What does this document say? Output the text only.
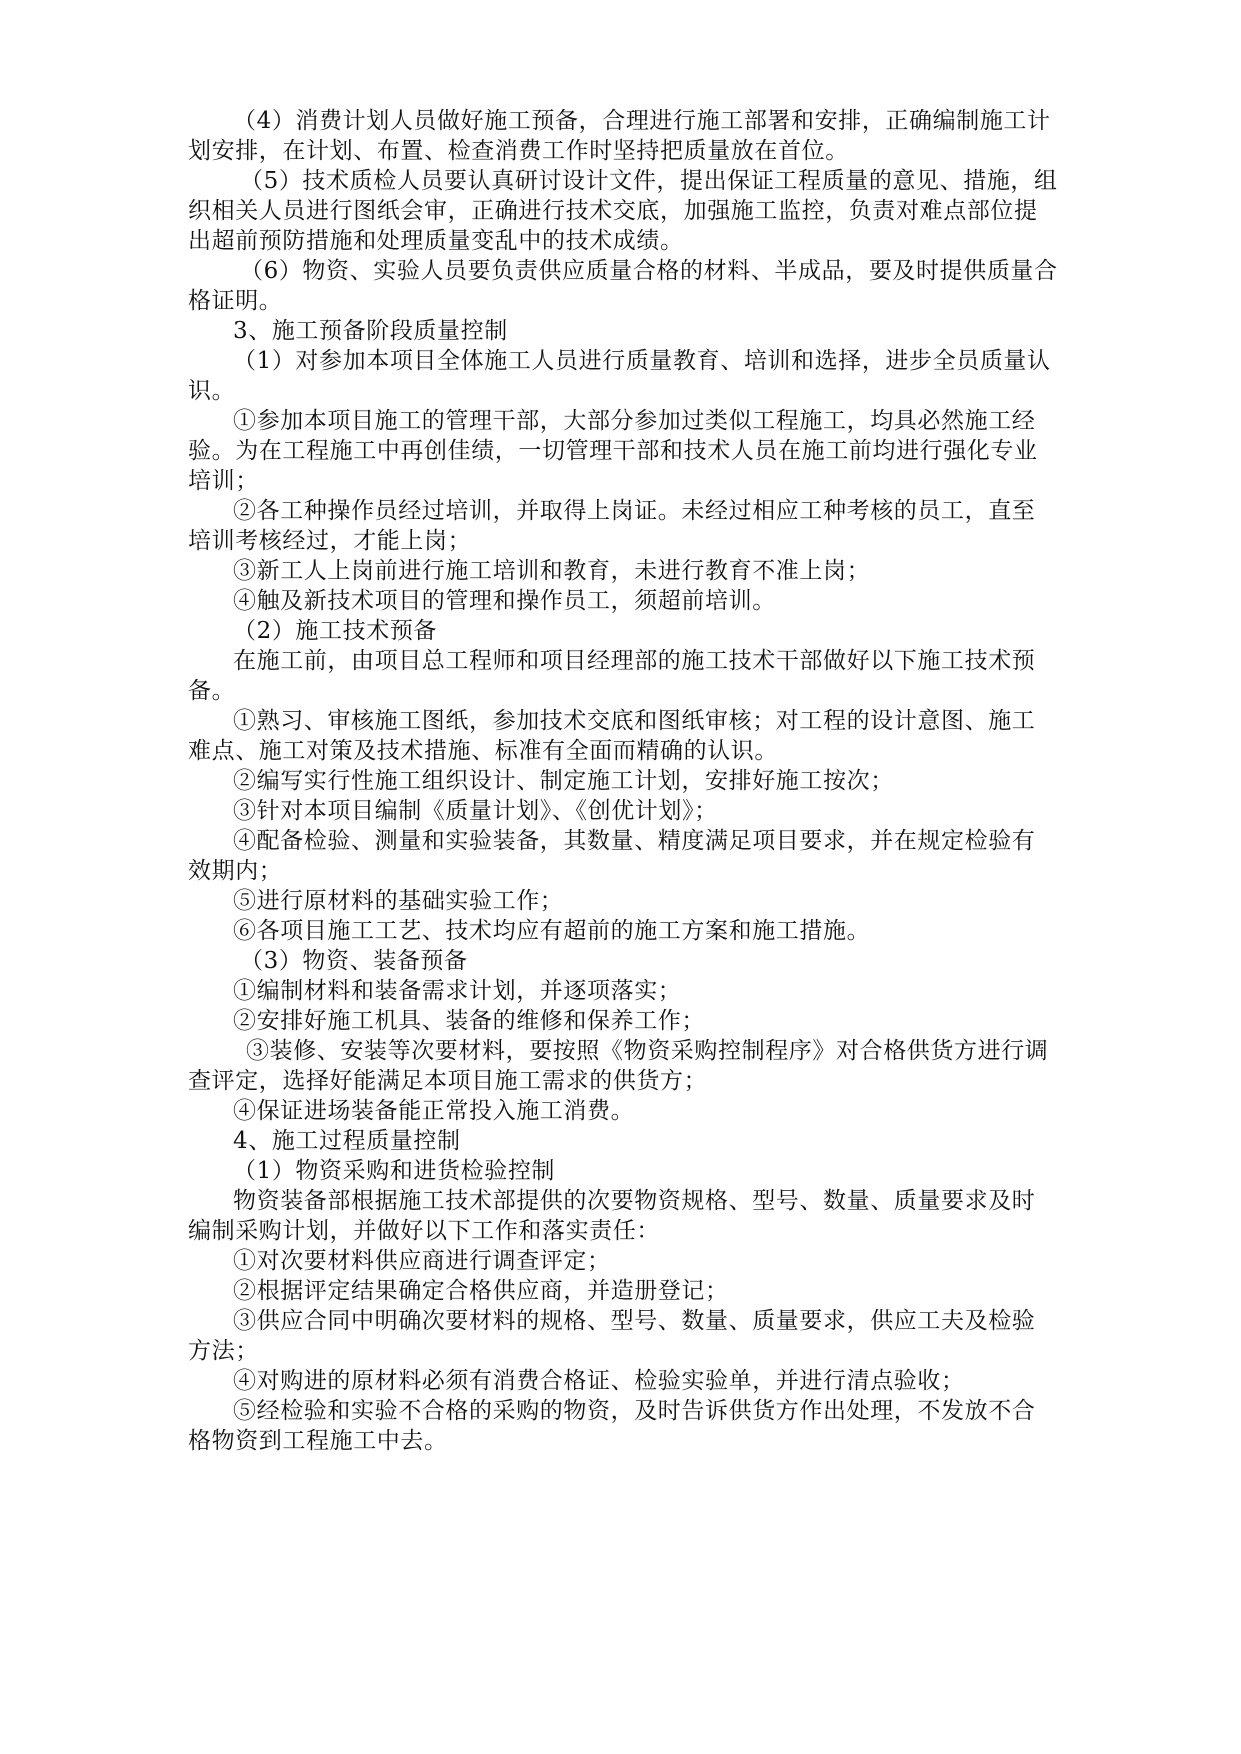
（4）消费计划人员做好施工预备，合理进行施工部署和安排，正确编制施工计
划安排，在计划、布置、检查消费工作时坚持把质量放在首位。
（5）技术质检人员要认真研讨设计文件，提出保证工程质量的意见、措施，组
织相关人员进行图纸会审，正确进行技术交底，加强施工监控，负责对难点部位提
出超前预防措施和处理质量变乱中的技术成绩。
（6）物资、实验人员要负责供应质量合格的材料、半成品，要及时提供质量合
格证明。
3、施工预备阶段质量控制
（1）对参加本项目全体施工人员进行质量教育、培训和选择，进步全员质量认
识。
①参加本项目施工的管理干部，大部分参加过类似工程施工，均具必然施工经
验。为在工程施工中再创佳绩，一切管理干部和技术人员在施工前均进行强化专业
培训；
②各工种操作员经过培训，并取得上岗证。未经过相应工种考核的员工，直至
培训考核经过，才能上岗；
③新工人上岗前进行施工培训和教育，未进行教育不准上岗；
④触及新技术项目的管理和操作员工，须超前培训。
（2）施工技术预备
在施工前，由项目总工程师和项目经理部的施工技术干部做好以下施工技术预
备。
①熟习、审核施工图纸，参加技术交底和图纸审核；对工程的设计意图、施工
难点、施工对策及技术措施、标准有全面而精确的认识。
②编写实行性施工组织设计、制定施工计划，安排好施工按次；
③针对本项目编制《质量计划》、《创优计划》；
④配备检验、测量和实验装备，其数量、精度满足项目要求，并在规定检验有
效期内；
⑤进行原材料的基础实验工作；
⑥各项目施工工艺、技术均应有超前的施工方案和施工措施。
（3）物资、装备预备
①编制材料和装备需求计划，并逐项落实；
②安排好施工机具、装备的维修和保养工作；
③装修、安装等次要材料，要按照《物资采购控制程序》对合格供货方进行调
查评定，选择好能满足本项目施工需求的供货方；
④保证进场装备能正常投入施工消费。
4、施工过程质量控制
（1）物资采购和进货检验控制
物资装备部根据施工技术部提供的次要物资规格、型号、数量、质量要求及时
编制采购计划，并做好以下工作和落实责任：
①对次要材料供应商进行调查评定；
②根据评定结果确定合格供应商，并造册登记；
③供应合同中明确次要材料的规格、型号、数量、质量要求，供应工夫及检验
方法；
④对购进的原材料必须有消费合格证、检验实验单，并进行清点验收；
⑤经检验和实验不合格的采购的物资，及时告诉供货方作出处理，不发放不合
格物资到工程施工中去。
